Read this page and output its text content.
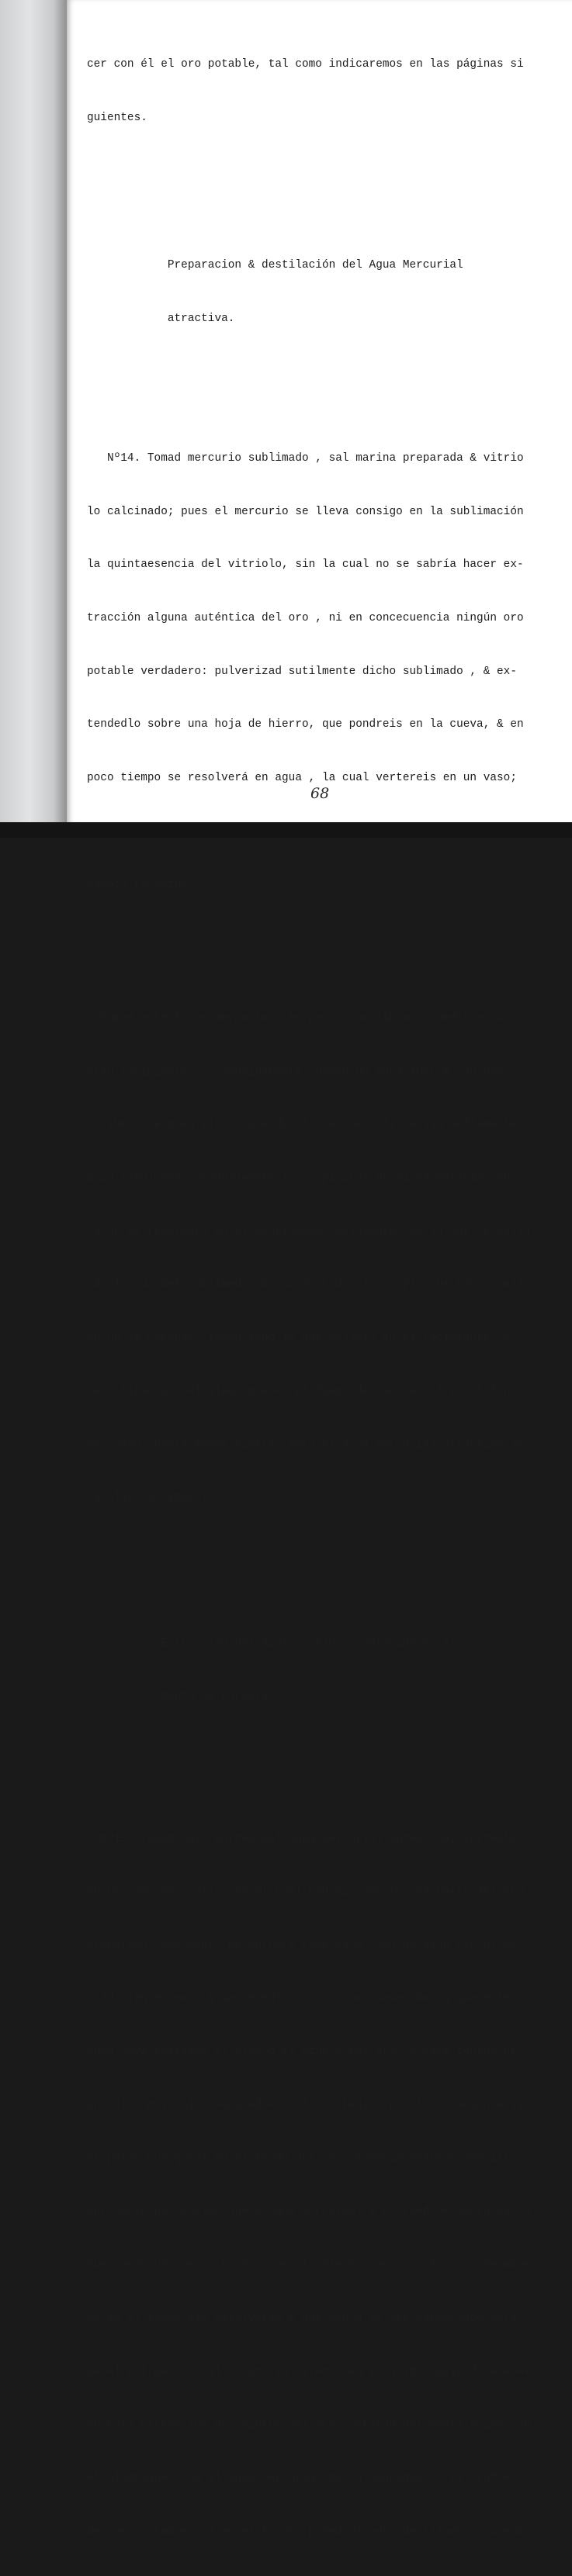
cer con él el oro potable, tal como indicaremos en las páginas si

guientes.

Preparacion & destilación del Agua Mercurial

atractiva.

Nº14. Tomad mercurio sublimado , sal marina preparada & vitrio

lo calcinado; pues el mercurio se lleva consigo en la sublimación

la quintaesencia del vitriolo, sin la cual no se sabría hacer ex-

tracción alguna auténtica del oro , ni en concecuencia ningún oro

potable verdadero: pulverizad sutilmente dicho sublimado , & ex-

tendedlo sobre una hoja de hierro, que pondreis en la cueva, & en

poco tiempo se resolverá en agua , la cual vertereis en un vaso;

hayais recogido.

Tomad este licor mercurial, en peso, una libra; ponedlo en un

gran recipiente y , seguidamente, haced un agua fuerte con dos -

libras de buen vitriolo & dos libras de salitre sin deflemarlas,

& id expulsando gradualmente los espíritus de dicha materia con

calor de reverbero en el mencionado recipiente, en la que se halla

rà el agua del sublimado, & cuando todos los espíritus hayan sali-

do de la cornuda, tomad todo lo que halleis en el recipiente, &

rectificad por el alambique en el fuego de cenizas, & en el fondo

del vaso, habrá mucha tierra, pero el agua mercurial atractiva se

rá clara & limpia.

Extraccion del Azufre delOro contenido en el

Manto de Púrpurà.

Nº15. Tomad seis partes del agua mercurial antedicha, vertedla

en un vaso de vidrio, en el cual habreis puesto una parte del oro

preparado como manto de púrpura reservado como ha sido dicho; ce-

rrad bien el vaso & mantenedlo a un calor suave, hasta que este -

agua haya extraído el alma o el azufre del oro, & esté teñida de

un color muy rojo: separad este licor teñido por inclinación & si

el polvo que queda en el fondo del vaso todavía aparece amarillo,

agregadle por encima nueva agua mercurial & extraed de nuevo hasta

que quede un cuerpo blanco como la nieve, cuerpo solar que permane

ce en el fondo sin disolverse & que habrá de ser conservado para

de él extraer la sal , como ya diremos en el Nº18. Habiendo acaba-

do esta extracción del azufre del oro, retirad por destilación con

el alambique toda el agua mercurial hasta sequedad, & el azufre

del oro permanecerá en el fondo; poned vinagre destilado a la emi

68
